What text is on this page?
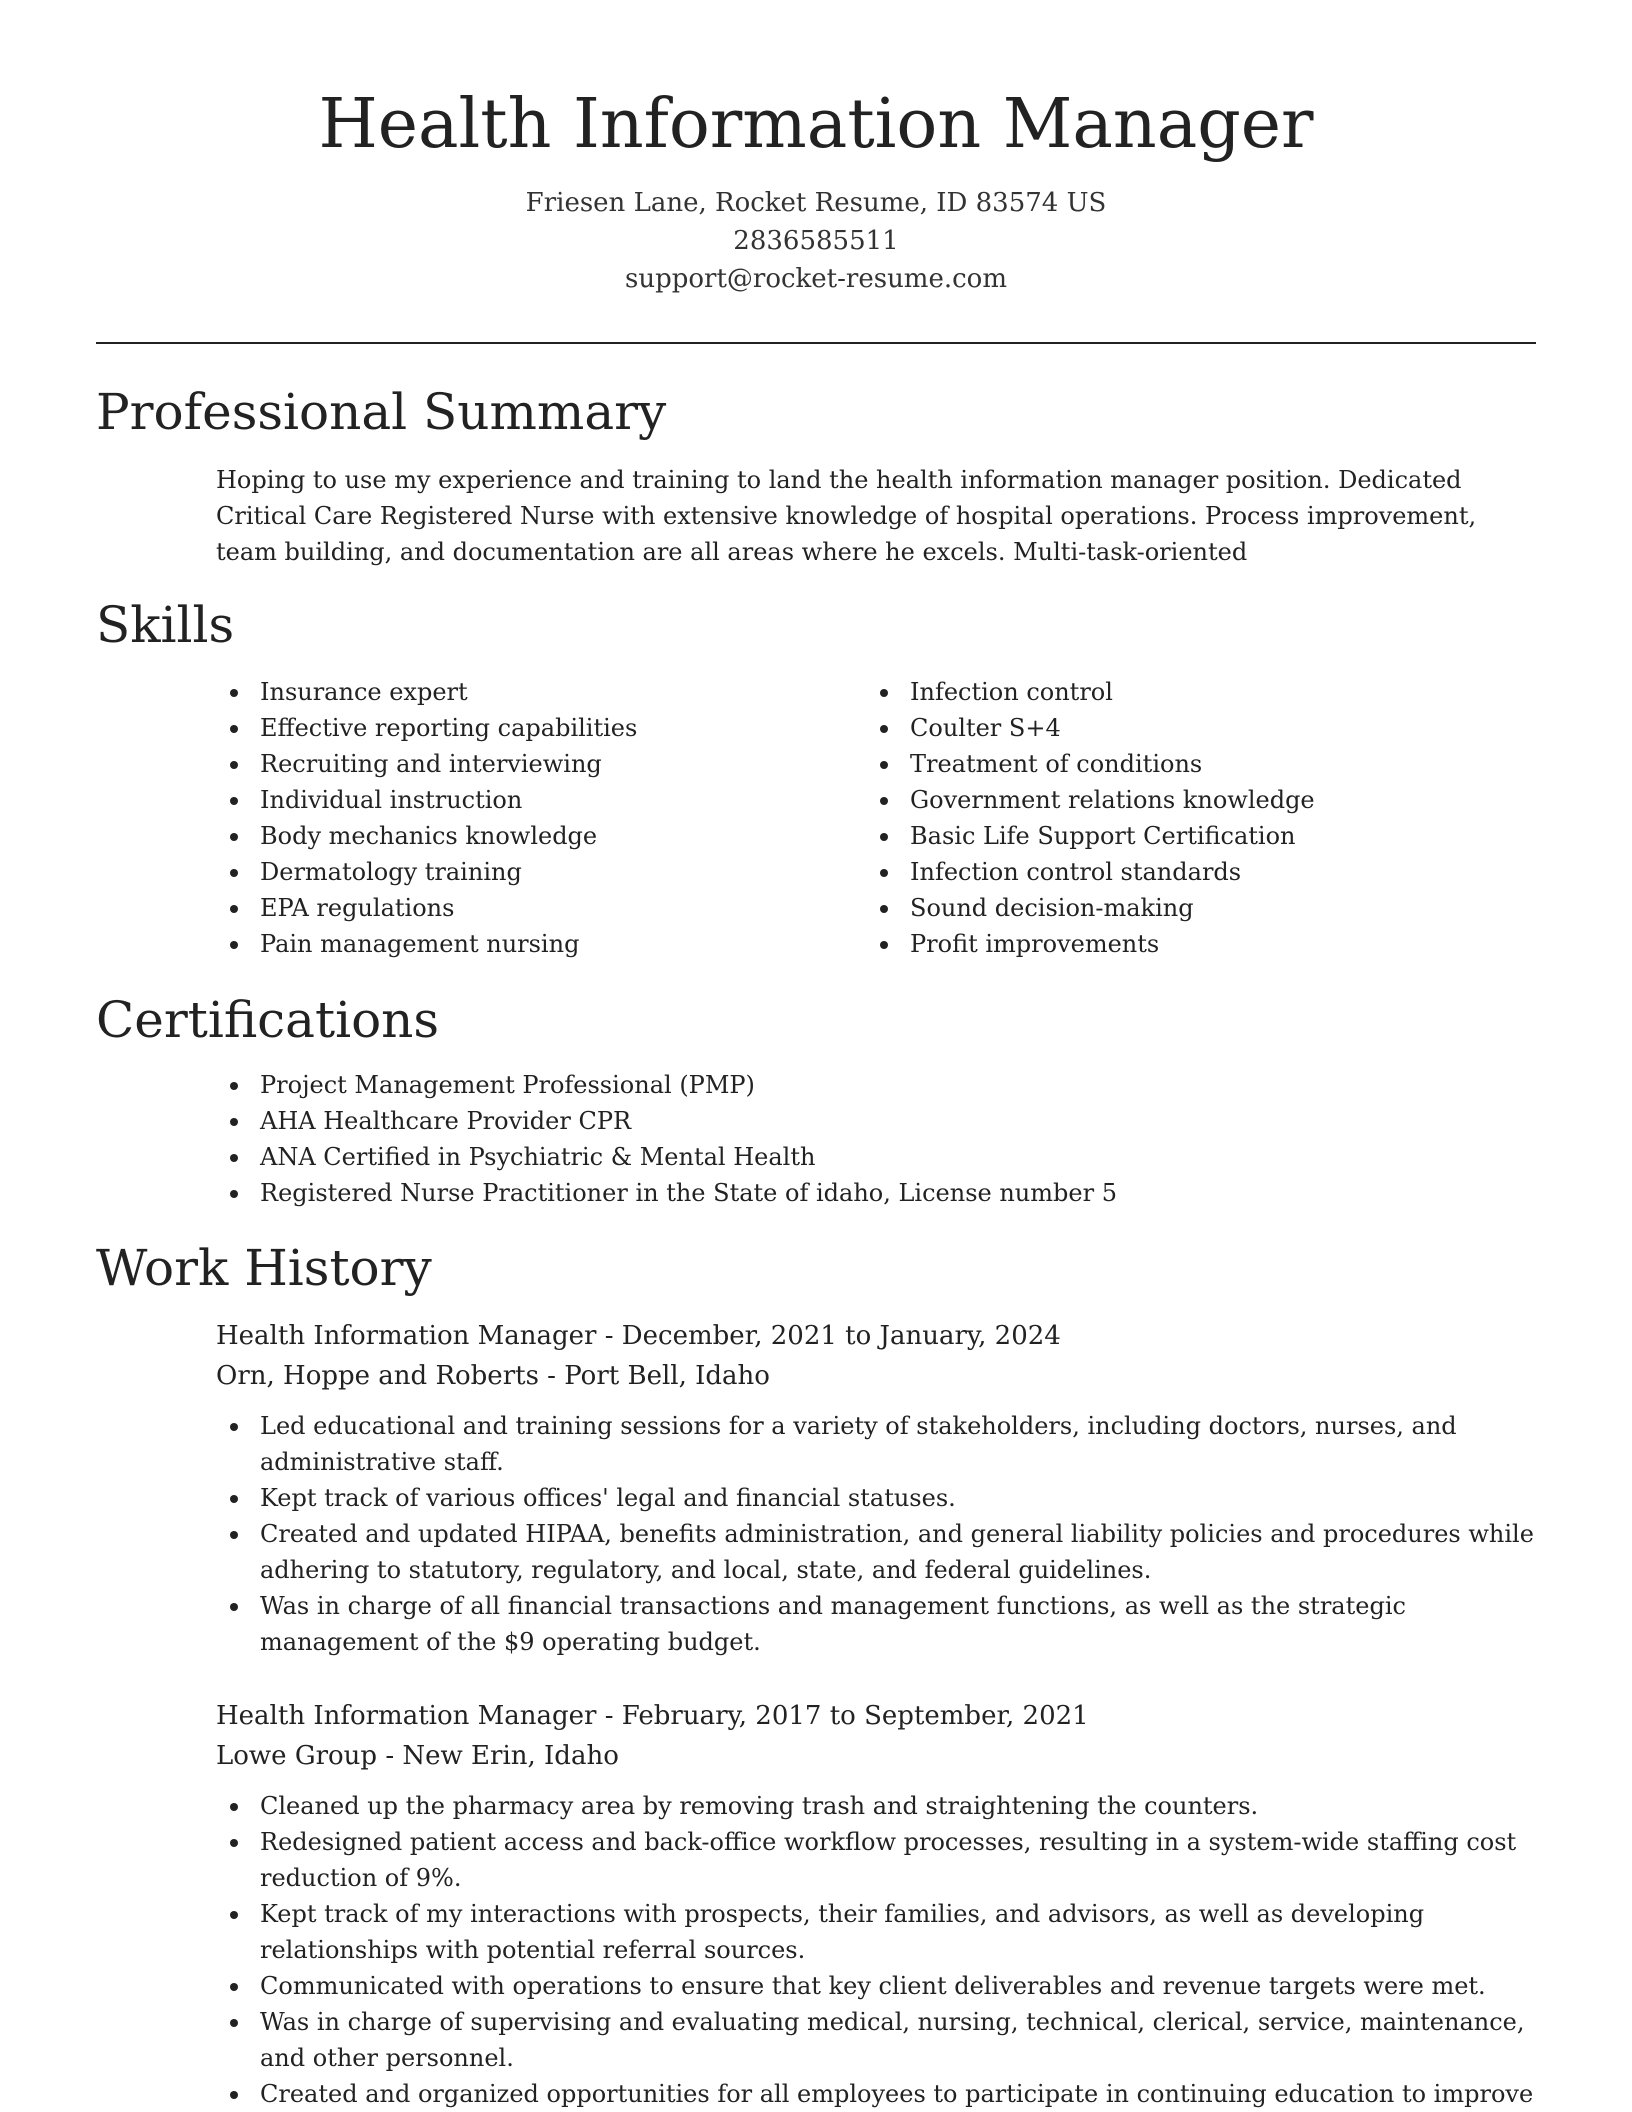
Health Information Manager

Friesen Lane, Rocket Resume, ID 83574 US

2836585511

support@rocket-resume.com

Professional Summary

Hoping to use my experience and training to land the health information manager position. Dedicated Critical Care Registered Nurse with extensive knowledge of hospital operations. Process improvement, team building, and documentation are all areas where he excels. Multi-task-oriented

Skills
Insurance expert
Effective reporting capabilities
Recruiting and interviewing
Individual instruction
Body mechanics knowledge
Dermatology training
EPA regulations
Pain management nursing
Infection control
Coulter S+4
Treatment of conditions
Government relations knowledge
Basic Life Support Certification
Infection control standards
Sound decision-making
Profit improvements
Certifications
Project Management Professional (PMP)
AHA Healthcare Provider CPR
ANA Certified in Psychiatric & Mental Health
Registered Nurse Practitioner in the State of idaho, License number 5
Work History

Health Information Manager - December, 2021 to January, 2024

Orn, Hoppe and Roberts - Port Bell, Idaho

Led educational and training sessions for a variety of stakeholders, including doctors, nurses, and administrative staff.
Kept track of various offices' legal and financial statuses.
Created and updated HIPAA, benefits administration, and general liability policies and procedures while adhering to statutory, regulatory, and local, state, and federal guidelines.
Was in charge of all financial transactions and management functions, as well as the strategic management of the $9 operating budget.

Health Information Manager - February, 2017 to September, 2021

Lowe Group - New Erin, Idaho

Cleaned up the pharmacy area by removing trash and straightening the counters.
Redesigned patient access and back-office workflow processes, resulting in a system-wide staffing cost reduction of 9%.
Kept track of my interactions with prospects, their families, and advisors, as well as developing relationships with potential referral sources.
Communicated with operations to ensure that key client deliverables and revenue targets were met.
Was in charge of supervising and evaluating medical, nursing, technical, clerical, service, maintenance, and other personnel.
Created and organized opportunities for all employees to participate in continuing education to improve
